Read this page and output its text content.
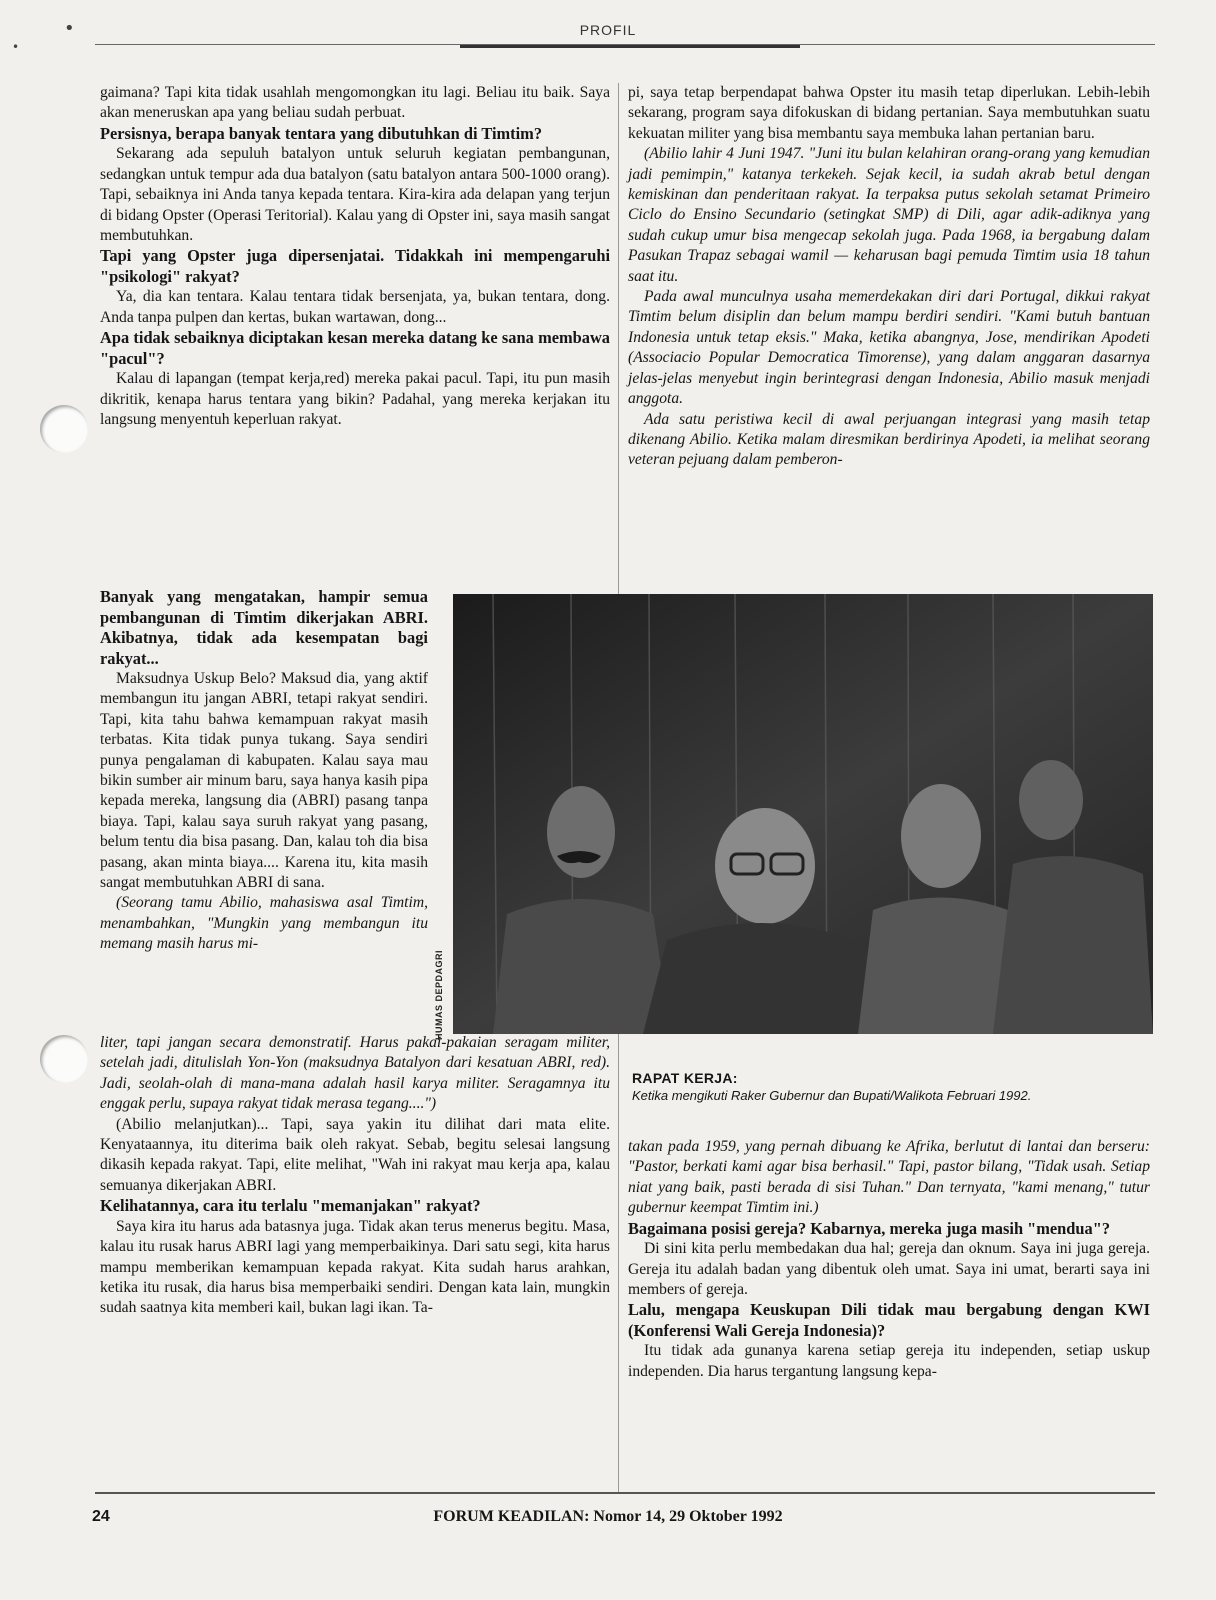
•
•
PROFIL

gaimana? Tapi kita tidak usahlah mengomongkan itu lagi. Beliau itu baik. Saya akan meneruskan apa yang beliau sudah perbuat.

Persisnya, berapa banyak tentara yang dibutuhkan di Timtim?

Sekarang ada sepuluh batalyon untuk seluruh kegiatan pembangunan, sedangkan untuk tempur ada dua batalyon (satu batalyon antara 500-1000 orang). Tapi, sebaiknya ini Anda tanya kepada tentara. Kira-kira ada delapan yang terjun di bidang Opster (Operasi Teritorial). Kalau yang di Opster ini, saya masih sangat membutuhkan.

Tapi yang Opster juga dipersenjatai. Tidakkah ini mempengaruhi "psikologi" rakyat?

Ya, dia kan tentara. Kalau tentara tidak bersenjata, ya, bukan tentara, dong. Anda tanpa pulpen dan kertas, bukan wartawan, dong...

Apa tidak sebaiknya diciptakan kesan mereka datang ke sana membawa "pacul"?

Kalau di lapangan (tempat kerja,red) mereka pakai pacul. Tapi, itu pun masih dikritik, kenapa harus tentara yang bikin? Padahal, yang mereka kerjakan itu langsung menyentuh keperluan rakyat.

Banyak yang mengatakan, hampir semua pembangunan di Timtim dikerjakan ABRI. Akibatnya, tidak ada kesempatan bagi rakyat...

Maksudnya Uskup Belo? Maksud dia, yang aktif membangun itu jangan ABRI, tetapi rakyat sendiri. Tapi, kita tahu bahwa kemampuan rakyat masih terbatas. Kita tidak punya tukang. Saya sendiri punya pengalaman di kabupaten. Kalau saya mau bikin sumber air minum baru, saya hanya kasih pipa kepada mereka, langsung dia (ABRI) pasang tanpa biaya. Tapi, kalau saya suruh rakyat yang pasang, belum tentu dia bisa pasang. Dan, kalau toh dia bisa pasang, akan minta biaya.... Karena itu, kita masih sangat membutuhkan ABRI di sana.

(Seorang tamu Abilio, mahasiswa asal Timtim, menambahkan, "Mungkin yang membangun itu memang masih harus mi-

liter, tapi jangan secara demonstratif. Harus pakai-pakaian seragam militer, setelah jadi, ditulislah Yon-Yon (maksudnya Batalyon dari kesatuan ABRI, red). Jadi, seolah-olah di mana-mana adalah hasil karya militer. Seragamnya itu enggak perlu, supaya rakyat tidak merasa tegang....")

(Abilio melanjutkan)... Tapi, saya yakin itu dilihat dari mata elite. Kenyataannya, itu diterima baik oleh rakyat. Sebab, begitu selesai langsung dikasih kepada rakyat. Tapi, elite melihat, "Wah ini rakyat mau kerja apa, kalau semuanya dikerjakan ABRI.

Kelihatannya, cara itu terlalu "memanjakan" rakyat?

Saya kira itu harus ada batasnya juga. Tidak akan terus menerus begitu. Masa, kalau itu rusak harus ABRI lagi yang memperbaikinya. Dari satu segi, kita harus mampu memberikan kemampuan kepada rakyat. Kita sudah harus arahkan, ketika itu rusak, dia harus bisa memperbaiki sendiri. Dengan kata lain, mungkin sudah saatnya kita memberi kail, bukan lagi ikan. Ta-

pi, saya tetap berpendapat bahwa Opster itu masih tetap diperlukan. Lebih-lebih sekarang, program saya difokuskan di bidang pertanian. Saya membutuhkan suatu kekuatan militer yang bisa membantu saya membuka lahan pertanian baru.

(Abilio lahir 4 Juni 1947. "Juni itu bulan kelahiran orang-orang yang kemudian jadi pemimpin," katanya terkekeh. Sejak kecil, ia sudah akrab betul dengan kemiskinan dan penderitaan rakyat. Ia terpaksa putus sekolah setamat Primeiro Ciclo do Ensino Secundario (setingkat SMP) di Dili, agar adik-adiknya yang sudah cukup umur bisa mengecap sekolah juga. Pada 1968, ia bergabung dalam Pasukan Trapaz sebagai wamil — keharusan bagi pemuda Timtim usia 18 tahun saat itu.

Pada awal munculnya usaha memerdekakan diri dari Portugal, dikkui rakyat Timtim belum disiplin dan belum mampu berdiri sendiri. "Kami butuh bantuan Indonesia untuk tetap eksis." Maka, ketika abangnya, Jose, mendirikan Apodeti (Associacio Popular Democratica Timorense), yang dalam anggaran dasarnya jelas-jelas menyebut ingin berintegrasi dengan Indonesia, Abilio masuk menjadi anggota.

Ada satu peristiwa kecil di awal perjuangan integrasi yang masih tetap dikenang Abilio. Ketika malam diresmikan berdirinya Apodeti, ia melihat seorang veteran pejuang dalam pemberon-

takan pada 1959, yang pernah dibuang ke Afrika, berlutut di lantai dan berseru: "Pastor, berkati kami agar bisa berhasil." Tapi, pastor bilang, "Tidak usah. Setiap niat yang baik, pasti berada di sisi Tuhan." Dan ternyata, "kami menang," tutur gubernur keempat Timtim ini.)

Bagaimana posisi gereja? Kabarnya, mereka juga masih "mendua"?

Di sini kita perlu membedakan dua hal; gereja dan oknum. Saya ini juga gereja. Gereja itu adalah badan yang dibentuk oleh umat. Saya ini umat, berarti saya ini members of gereja.

Lalu, mengapa Keuskupan Dili tidak mau bergabung dengan KWI (Konferensi Wali Gereja Indonesia)?

Itu tidak ada gunanya karena setiap gereja itu independen, setiap uskup independen. Dia harus tergantung langsung kepa-

HUMAS DEPDAGRI
RAPAT KERJA:
Ketika mengikuti Raker Gubernur dan Bupati/Walikota Februari 1992.
24	FORUM KEADILAN: Nomor 14, 29 Oktober 1992
